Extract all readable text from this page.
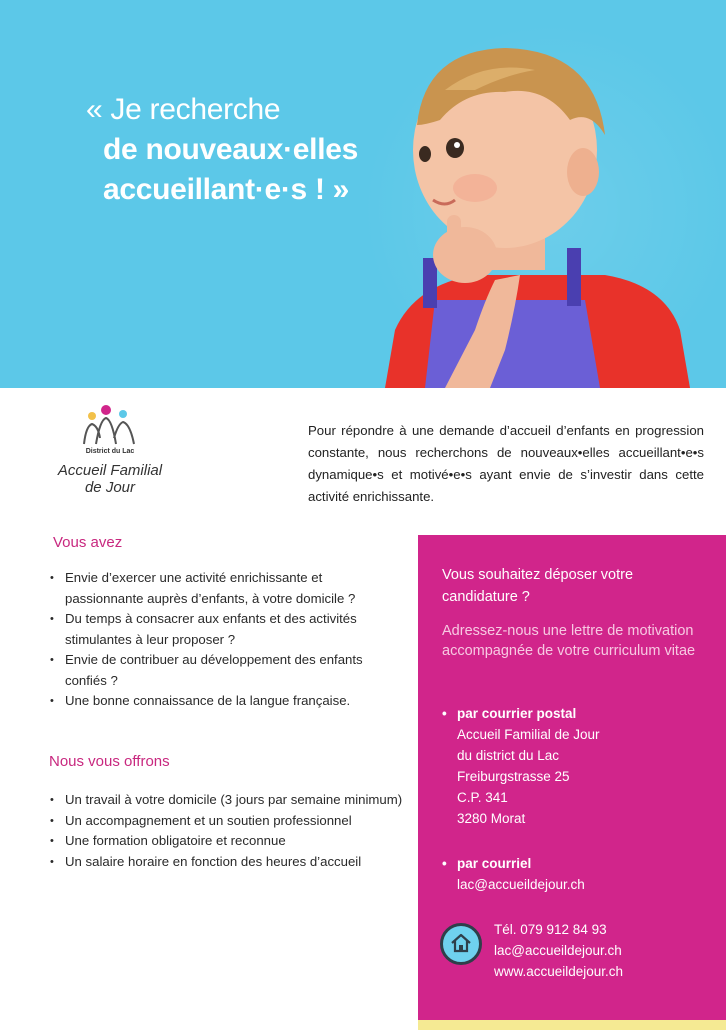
« Je recherche
de nouveaux·elles
accueillant·e·s ! »
District du Lac
Accueil Familial
de Jour

Pour répondre à une demande d’accueil d’enfants en progression constante, nous recherchons de nouveaux•elles accueillant•e•s dynamique•s et motivé•e•s ayant envie de s’investir dans cette activité enrichissante.

Vous avez
• Envie d’exercer une activité enrichissante et passionnante auprès d’enfants, à votre domicile ?
• Du temps à consacrer aux enfants et des activités stimulantes à leur proposer ?
• Envie de contribuer au développement des enfants confiés ?
• Une bonne connaissance de la langue française.
Nous vous offrons
• Un travail à votre domicile (3 jours par semaine minimum)
• Un accompagnement et un soutien professionnel
• Une formation obligatoire et reconnue
• Un salaire horaire en fonction des heures d’accueil
Vous souhaitez déposer votre candidature ?
Adressez-nous une lettre de motivation accompagnée de votre curriculum vitae
• par courrier postal
Accueil Familial de Jour
du district du Lac
Freiburgstrasse 25
C.P. 341
3280 Morat
• par courriel
lac@accueildejour.ch
Tél. 079 912 84 93
lac@accueildejour.ch
www.accueildejour.ch
